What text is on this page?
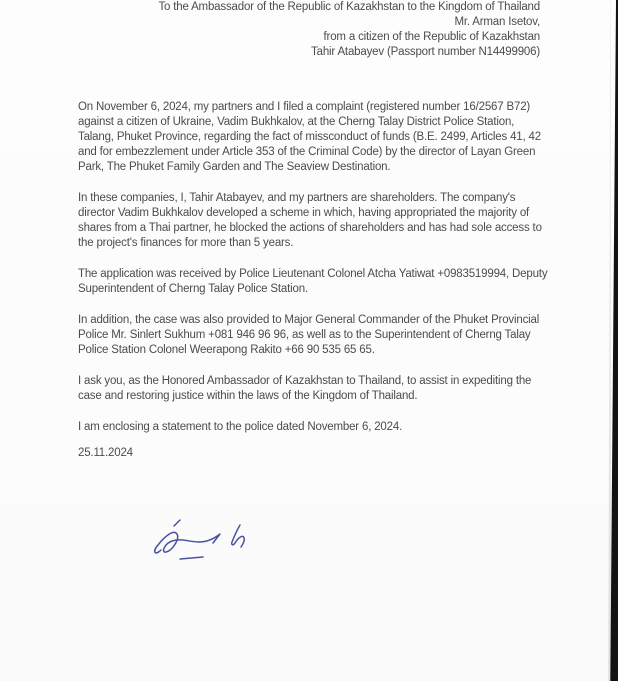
To the Ambassador of the Republic of Kazakhstan to the Kingdom of Thailand
Mr. Arman Isetov,
from a citizen of the Republic of Kazakhstan
Tahir Atabayev (Passport number N14499906)
On November 6, 2024, my partners and I filed a complaint (registered number 16/2567 B72)
against a citizen of Ukraine, Vadim Bukhkalov, at the Cherng Talay District Police Station,
Talang, Phuket Province, regarding the fact of missconduct of funds (B.E. 2499, Articles 41, 42
and for embezzlement under Article 353 of the Criminal Code) by the director of Layan Green
Park, The Phuket Family Garden and The Seaview Destination.
In these companies, I, Tahir Atabayev, and my partners are shareholders. The company's
director Vadim Bukhkalov developed a scheme in which, having appropriated the majority of
shares from a Thai partner, he blocked the actions of shareholders and has had sole access to
the project's finances for more than 5 years.
The application was received by Police Lieutenant Colonel Atcha Yatiwat +0983519994, Deputy
Superintendent of Cherng Talay Police Station.
In addition, the case was also provided to Major General Commander of the Phuket Provincial
Police Mr. Sinlert Sukhum +081 946 96 96, as well as to the Superintendent of Cherng Talay
Police Station Colonel Weerapong Rakito +66 90 535 65 65.
I ask you, as the Honored Ambassador of Kazakhstan to Thailand, to assist in expediting the
case and restoring justice within the laws of the Kingdom of Thailand.
I am enclosing a statement to the police dated November 6, 2024.
25.11.2024
